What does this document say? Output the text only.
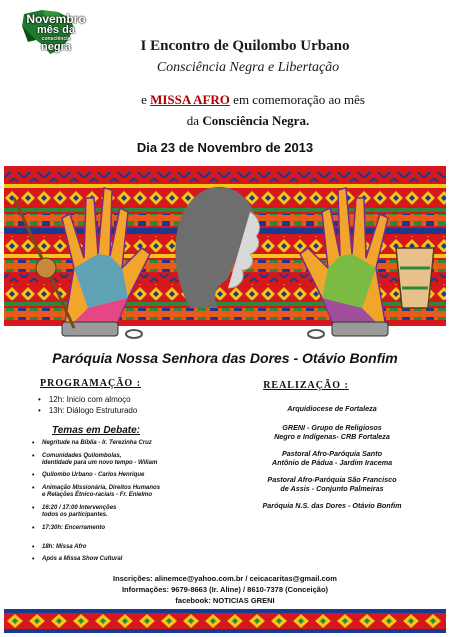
Novembro
mês da
consciência
negra	I Encontro de Quilombo Urbano
Consciência Negra e Libertação
e MISSA AFRO em comemoração ao mês
da Consciência Negra.
Dia 23 de Novembro de 2013
Paróquia Nossa Senhora das Dores - Otávio Bonfim
PROGRAMAÇÃO :
• 12h: Inicio com almoço
• 13h: Diálogo Estruturado
Temas em Debate:
• Negritude na Bíblia - Ir. Terezinha Cruz
• Comunidades Quilombolas,
Identidade para um novo tempo - Wiliam
• Quilombo Urbano - Carlos Henrique
• Animação Missionária, Direitos Humanos
e Relações Étnico-raciais - Fr. Enielmo
• 16:20 / 17:00 Intervenções
todos os participantes.
• 17:30h: Encerramento
• 18h: Missa Afro
• Após a Missa Show Cultural
REALIZAÇÃO :
Arquidiocese de Fortaleza
GRENI - Grupo de Religiosos
Negro e Indígenas- CRB Fortaleza
Pastoral Afro-Paróquia Santo
Antônio de Pádua - Jardim Iracema
Pastoral Afro-Paróquia São Francisco
de Assis - Conjunto Palmeiras
Paróquia N.S. das Dores - Otávio Bonfim
Inscrições: alinemce@yahoo.com.br / ceicacaritas@gmail.com
Informações: 9679-8663 (Ir. Aline) / 8610-7378 (Conceição)
facebook: NOTICIAS GRENI
